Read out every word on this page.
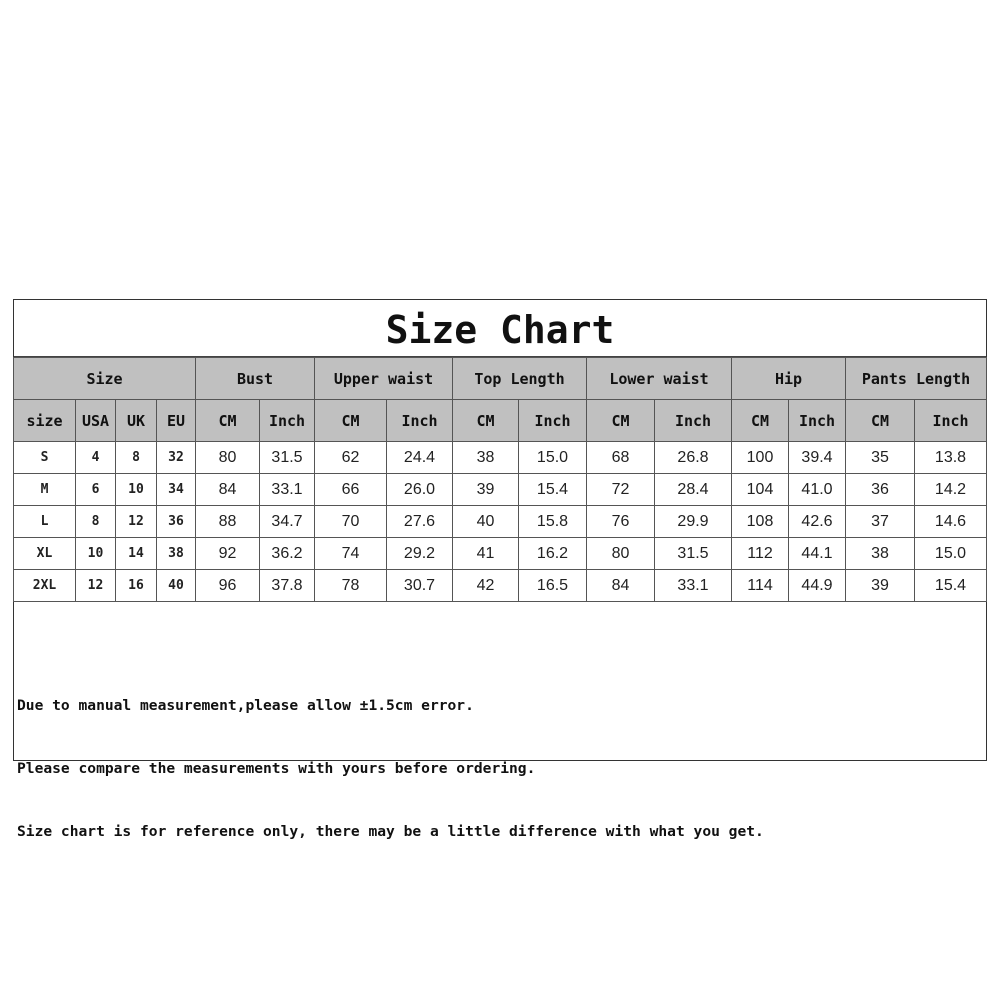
Size Chart
Size				Bust		Upper waist		Top Length		Lower waist		Hip		Pants Length	
size	USA	UK	EU	CM	Inch	CM	Inch	CM	Inch	CM	Inch	CM	Inch	CM	Inch
S	4	8	32	80	31.5	62	24.4	38	15.0	68	26.8	100	39.4	35	13.8
M	6	10	34	84	33.1	66	26.0	39	15.4	72	28.4	104	41.0	36	14.2
L	8	12	36	88	34.7	70	27.6	40	15.8	76	29.9	108	42.6	37	14.6
XL	10	14	38	92	36.2	74	29.2	41	16.2	80	31.5	112	44.1	38	15.0
2XL	12	16	40	96	37.8	78	30.7	42	16.5	84	33.1	114	44.9	39	15.4

Due to manual measurement,please allow ±1.5cm error.

Please compare the measurements with yours before ordering.

Size chart is for reference only, there may be a little difference with what you get.
